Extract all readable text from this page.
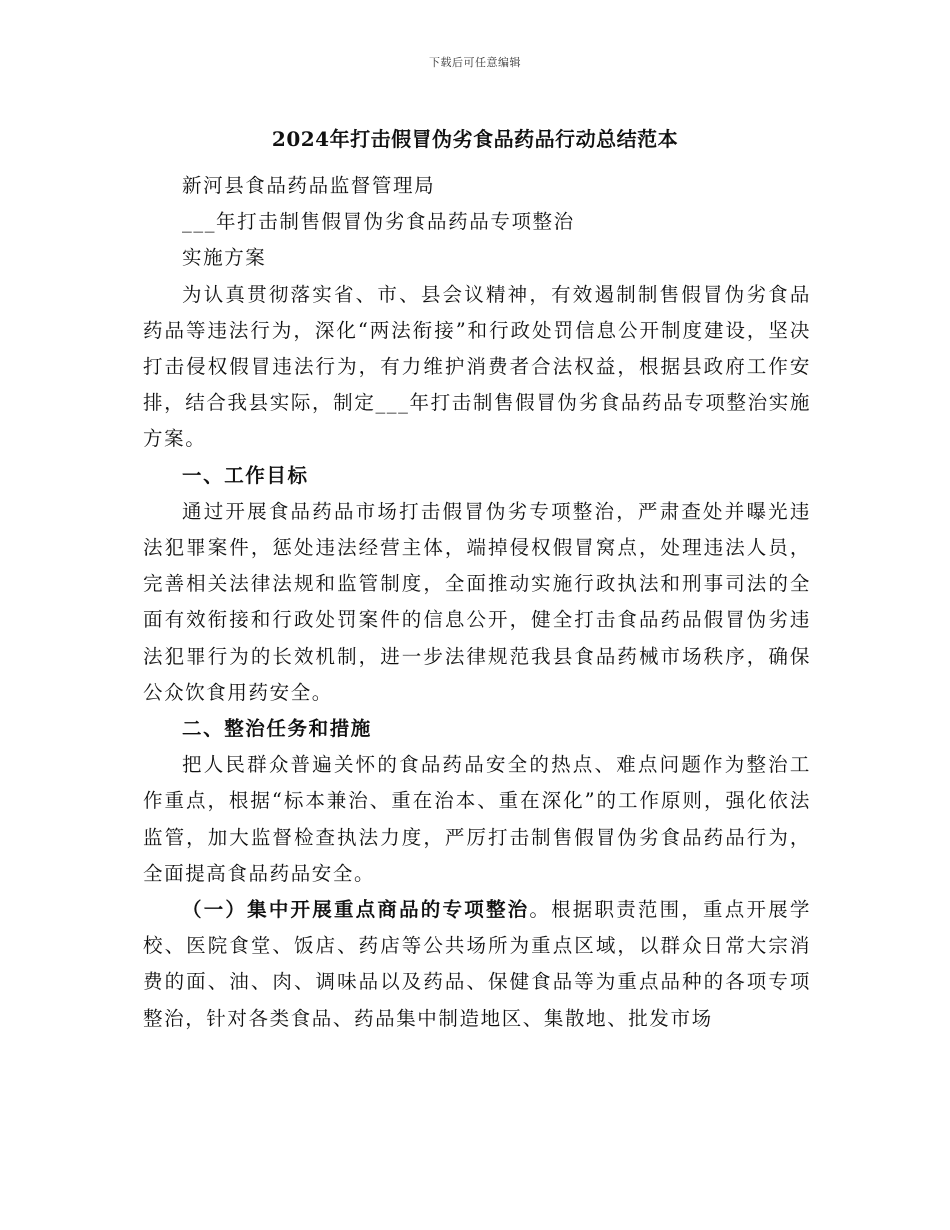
下载后可任意编辑
2024年打击假冒伪劣食品药品行动总结范本

新河县食品药品监督管理局

___年打击制售假冒伪劣食品药品专项整治

实施方案

为认真贯彻落实省、市、县会议精神，有效遏制制售假冒伪劣食品药品等违法行为，深化“两法衔接”和行政处罚信息公开制度建设，坚决打击侵权假冒违法行为，有力维护消费者合法权益，根据县政府工作安排，结合我县实际，制定___年打击制售假冒伪劣食品药品专项整治实施方案。

一、工作目标

通过开展食品药品市场打击假冒伪劣专项整治，严肃查处并曝光违法犯罪案件，惩处违法经营主体，端掉侵权假冒窝点，处理违法人员，完善相关法律法规和监管制度，全面推动实施行政执法和刑事司法的全面有效衔接和行政处罚案件的信息公开，健全打击食品药品假冒伪劣违法犯罪行为的长效机制，进一步法律规范我县食品药械市场秩序，确保公众饮食用药安全。

二、整治任务和措施

把人民群众普遍关怀的食品药品安全的热点、难点问题作为整治工作重点，根据“标本兼治、重在治本、重在深化”的工作原则，强化依法监管，加大监督检查执法力度，严厉打击制售假冒伪劣食品药品行为，全面提高食品药品安全。

（一）集中开展重点商品的专项整治。根据职责范围，重点开展学校、医院食堂、饭店、药店等公共场所为重点区域，以群众日常大宗消费的面、油、肉、调味品以及药品、保健食品等为重点品种的各项专项整治，针对各类食品、药品集中制造地区、集散地、批发市场
